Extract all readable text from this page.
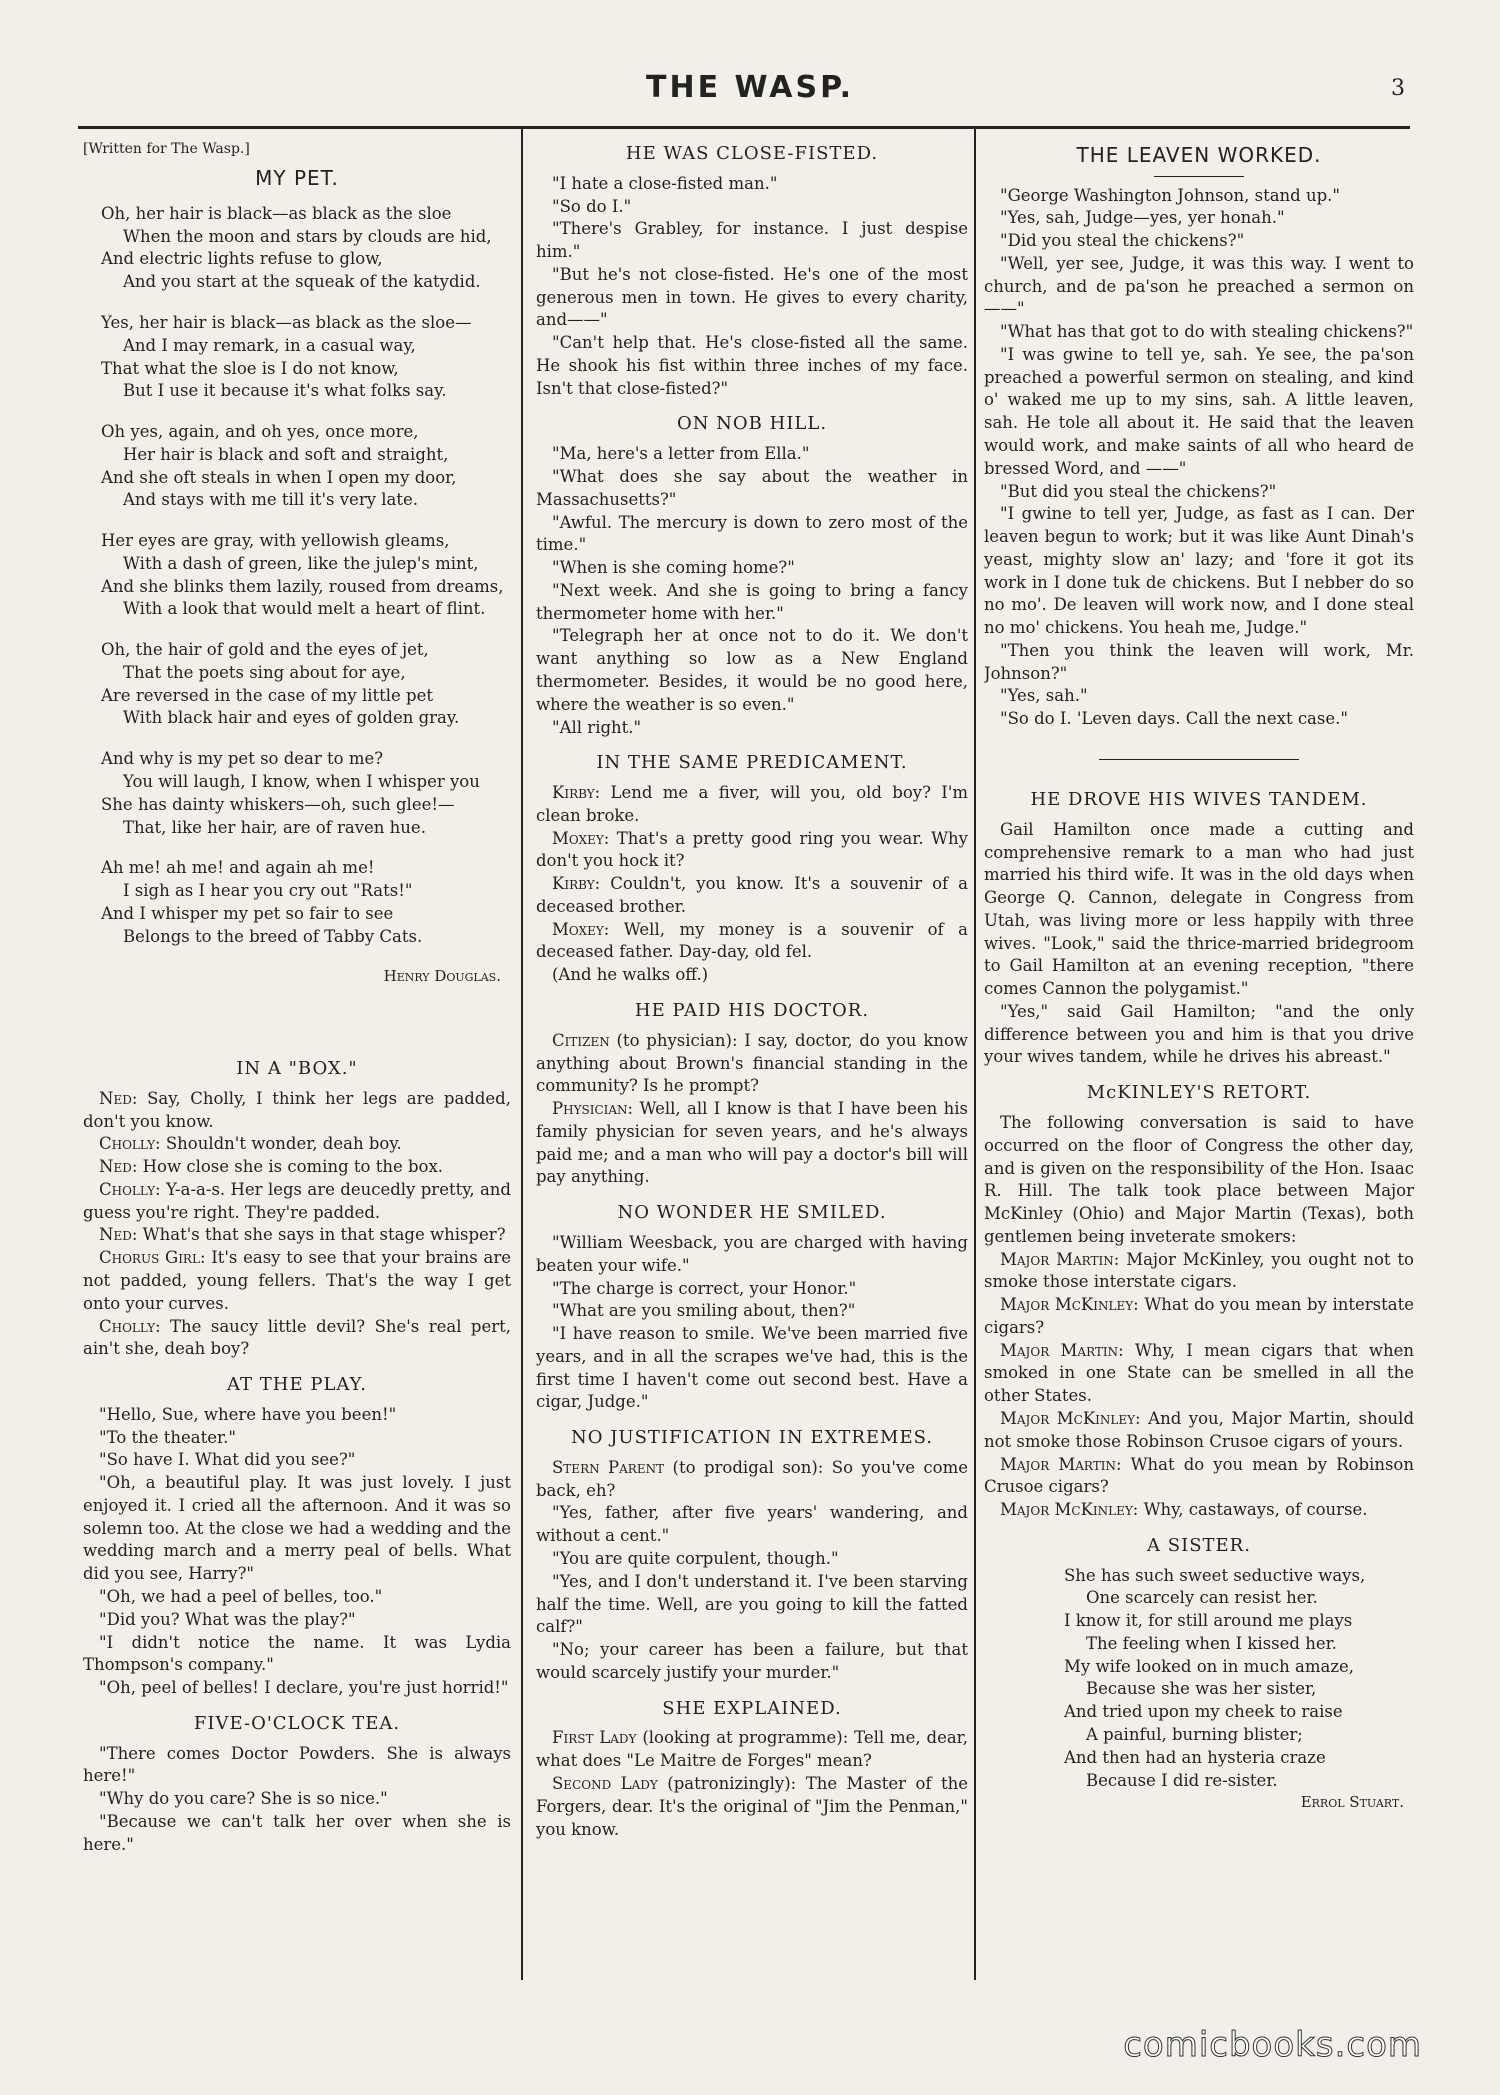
THE WASP.	3
[Written for The Wasp.]
MY PET.
Oh, her hair is black—as black as the sloe
When the moon and stars by clouds are hid,
And electric lights refuse to glow,
And you start at the squeak of the katydid.
Yes, her hair is black—as black as the sloe—
And I may remark, in a casual way,
That what the sloe is I do not know,
But I use it because it's what folks say.
Oh yes, again, and oh yes, once more,
Her hair is black and soft and straight,
And she oft steals in when I open my door,
And stays with me till it's very late.
Her eyes are gray, with yellowish gleams,
With a dash of green, like the julep's mint,
And she blinks them lazily, roused from dreams,
With a look that would melt a heart of flint.
Oh, the hair of gold and the eyes of jet,
That the poets sing about for aye,
Are reversed in the case of my little pet
With black hair and eyes of golden gray.
And why is my pet so dear to me?
You will laugh, I know, when I whisper you
She has dainty whiskers—oh, such glee!—
That, like her hair, are of raven hue.
Ah me! ah me! and again ah me!
I sigh as I hear you cry out "Rats!"
And I whisper my pet so fair to see
Belongs to the breed of Tabby Cats.
Henry Douglas.
IN A "BOX."

Ned: Say, Cholly, I think her legs are padded, don't you know.

Cholly: Shouldn't wonder, deah boy.

Ned: How close she is coming to the box.

Cholly: Y-a-a-s. Her legs are deucedly pretty, and guess you're right. They're padded.

Ned: What's that she says in that stage whisper?

Chorus Girl: It's easy to see that your brains are not padded, young fellers. That's the way I get onto your curves.

Cholly: The saucy little devil? She's real pert, ain't she, deah boy?

AT THE PLAY.

"Hello, Sue, where have you been!"

"To the theater."

"So have I. What did you see?"

"Oh, a beautiful play. It was just lovely. I just enjoyed it. I cried all the afternoon. And it was so solemn too. At the close we had a wedding and the wedding march and a merry peal of bells. What did you see, Harry?"

"Oh, we had a peel of belles, too."

"Did you? What was the play?"

"I didn't notice the name. It was Lydia Thompson's company."

"Oh, peel of belles! I declare, you're just horrid!"

FIVE-O'CLOCK TEA.

"There comes Doctor Powders. She is always here!"

"Why do you care? She is so nice."

"Because we can't talk her over when she is here."

HE WAS CLOSE-FISTED.

"I hate a close-fisted man."

"So do I."

"There's Grabley, for instance. I just despise him."

"But he's not close-fisted. He's one of the most generous men in town. He gives to every charity, and——"

"Can't help that. He's close-fisted all the same. He shook his fist within three inches of my face. Isn't that close-fisted?"

ON NOB HILL.

"Ma, here's a letter from Ella."

"What does she say about the weather in Massachusetts?"

"Awful. The mercury is down to zero most of the time."

"When is she coming home?"

"Next week. And she is going to bring a fancy thermometer home with her."

"Telegraph her at once not to do it. We don't want anything so low as a New England thermometer. Besides, it would be no good here, where the weather is so even."

"All right."

IN THE SAME PREDICAMENT.

Kirby: Lend me a fiver, will you, old boy? I'm clean broke.

Moxey: That's a pretty good ring you wear. Why don't you hock it?

Kirby: Couldn't, you know. It's a souvenir of a deceased brother.

Moxey: Well, my money is a souvenir of a deceased father. Day-day, old fel.

(And he walks off.)

HE PAID HIS DOCTOR.

Citizen (to physician): I say, doctor, do you know anything about Brown's financial standing in the community? Is he prompt?

Physician: Well, all I know is that I have been his family physician for seven years, and he's always paid me; and a man who will pay a doctor's bill will pay anything.

NO WONDER HE SMILED.

"William Weesback, you are charged with having beaten your wife."

"The charge is correct, your Honor."

"What are you smiling about, then?"

"I have reason to smile. We've been married five years, and in all the scrapes we've had, this is the first time I haven't come out second best. Have a cigar, Judge."

NO JUSTIFICATION IN EXTREMES.

Stern Parent (to prodigal son): So you've come back, eh?

"Yes, father, after five years' wandering, and without a cent."

"You are quite corpulent, though."

"Yes, and I don't understand it. I've been starving half the time. Well, are you going to kill the fatted calf?"

"No; your career has been a failure, but that would scarcely justify your murder."

SHE EXPLAINED.

First Lady (looking at programme): Tell me, dear, what does "Le Maitre de Forges" mean?

Second Lady (patronizingly): The Master of the Forgers, dear. It's the original of "Jim the Penman," you know.

THE LEAVEN WORKED.

"George Washington Johnson, stand up."

"Yes, sah, Judge—yes, yer honah."

"Did you steal the chickens?"

"Well, yer see, Judge, it was this way. I went to church, and de pa'son he preached a sermon on——"

"What has that got to do with stealing chickens?"

"I was gwine to tell ye, sah. Ye see, the pa'son preached a powerful sermon on stealing, and kind o' waked me up to my sins, sah. A little leaven, sah. He tole all about it. He said that the leaven would work, and make saints of all who heard de bressed Word, and ——"

"But did you steal the chickens?"

"I gwine to tell yer, Judge, as fast as I can. Der leaven begun to work; but it was like Aunt Dinah's yeast, mighty slow an' lazy; and 'fore it got its work in I done tuk de chickens. But I nebber do so no mo'. De leaven will work now, and I done steal no mo' chickens. You heah me, Judge."

"Then you think the leaven will work, Mr. Johnson?"

"Yes, sah."

"So do I. 'Leven days. Call the next case."

HE DROVE HIS WIVES TANDEM.

Gail Hamilton once made a cutting and comprehensive remark to a man who had just married his third wife. It was in the old days when George Q. Cannon, delegate in Congress from Utah, was living more or less happily with three wives. "Look," said the thrice-married bridegroom to Gail Hamilton at an evening reception, "there comes Cannon the polygamist."

"Yes," said Gail Hamilton; "and the only difference between you and him is that you drive your wives tandem, while he drives his abreast."

McKINLEY'S RETORT.

The following conversation is said to have occurred on the floor of Congress the other day, and is given on the responsibility of the Hon. Isaac R. Hill. The talk took place between Major McKinley (Ohio) and Major Martin (Texas), both gentlemen being inveterate smokers:

Major Martin: Major McKinley, you ought not to smoke those interstate cigars.

Major McKinley: What do you mean by interstate cigars?

Major Martin: Why, I mean cigars that when smoked in one State can be smelled in all the other States.

Major McKinley: And you, Major Martin, should not smoke those Robinson Crusoe cigars of yours.

Major Martin: What do you mean by Robinson Crusoe cigars?

Major McKinley: Why, castaways, of course.

A SISTER.
She has such sweet seductive ways,
One scarcely can resist her.
I know it, for still around me plays
The feeling when I kissed her.
My wife looked on in much amaze,
Because she was her sister,
And tried upon my cheek to raise
A painful, burning blister;
And then had an hysteria craze
Because I did re-sister.
Errol Stuart.
comicbooks.com
